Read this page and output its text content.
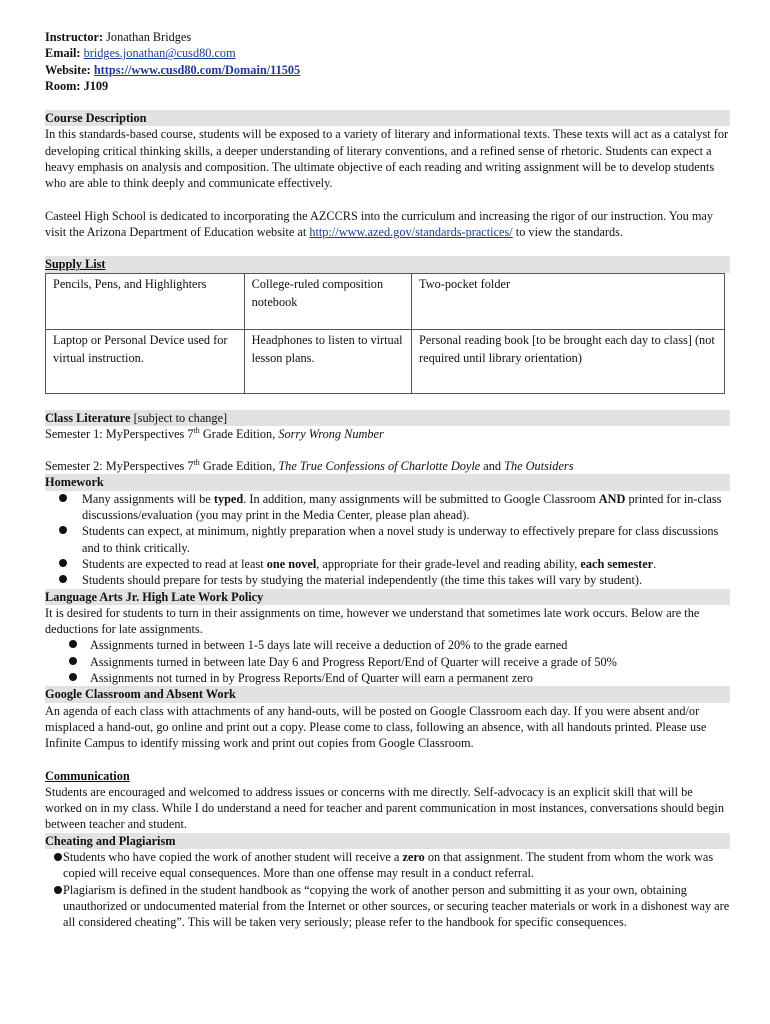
Instructor: Jonathan Bridges

Email: bridges.jonathan@cusd80.com

Website: https://www.cusd80.com/Domain/11505

Room: J109

Course Description

In this standards-based course, students will be exposed to a variety of literary and informational texts. These texts will act as a catalyst for developing critical thinking skills, a deeper understanding of literary conventions, and a refined sense of rhetoric. Students can expect a heavy emphasis on analysis and composition. The ultimate objective of each reading and writing assignment will be to develop students who are able to think deeply and communicate effectively.

Casteel High School is dedicated to incorporating the AZCCRS into the curriculum and increasing the rigor of our instruction. You may visit the Arizona Department of Education website at http://www.azed.gov/standards-practices/ to view the standards.

Supply List

Pencils, Pens, and Highlighters	College-ruled composition notebook	Two-pocket folder
Laptop or Personal Device used for virtual instruction.	Headphones to listen to virtual lesson plans.	Personal reading book [to be brought each day to class] (not required until library orientation)

Class Literature [subject to change]

Semester 1: MyPerspectives 7th Grade Edition, Sorry Wrong Number

Semester 2: MyPerspectives 7th Grade Edition, The True Confessions of Charlotte Doyle and The Outsiders

Homework

Many assignments will be typed. In addition, many assignments will be submitted to Google Classroom AND printed for in-class discussions/evaluation (you may print in the Media Center, please plan ahead).
Students can expect, at minimum, nightly preparation when a novel study is underway to effectively prepare for class discussions and to think critically.
Students are expected to read at least one novel, appropriate for their grade-level and reading ability, each semester.
Students should prepare for tests by studying the material independently (the time this takes will vary by student).

Language Arts Jr. High Late Work Policy

It is desired for students to turn in their assignments on time, however we understand that sometimes late work occurs. Below are the deductions for late assignments.

Assignments turned in between 1-5 days late will receive a deduction of 20% to the grade earned
Assignments turned in between late Day 6 and Progress Report/End of Quarter will receive a grade of 50%
Assignments not turned in by Progress Reports/End of Quarter will earn a permanent zero

Google Classroom and Absent Work

An agenda of each class with attachments of any hand-outs, will be posted on Google Classroom each day. If you were absent and/or misplaced a hand-out, go online and print out a copy. Please come to class, following an absence, with all handouts printed. Please use Infinite Campus to identify missing work and print out copies from Google Classroom.

Communication

Students are encouraged and welcomed to address issues or concerns with me directly. Self-advocacy is an explicit skill that will be worked on in my class. While I do understand a need for teacher and parent communication in most instances, conversations should begin between teacher and student.

Cheating and Plagiarism

Students who have copied the work of another student will receive a zero on that assignment. The student from whom the work was copied will receive equal consequences. More than one offense may result in a conduct referral.
Plagiarism is defined in the student handbook as “copying the work of another person and submitting it as your own, obtaining unauthorized or undocumented material from the Internet or other sources, or securing teacher materials or work in a dishonest way are all considered cheating”. This will be taken very seriously; please refer to the handbook for specific consequences.
